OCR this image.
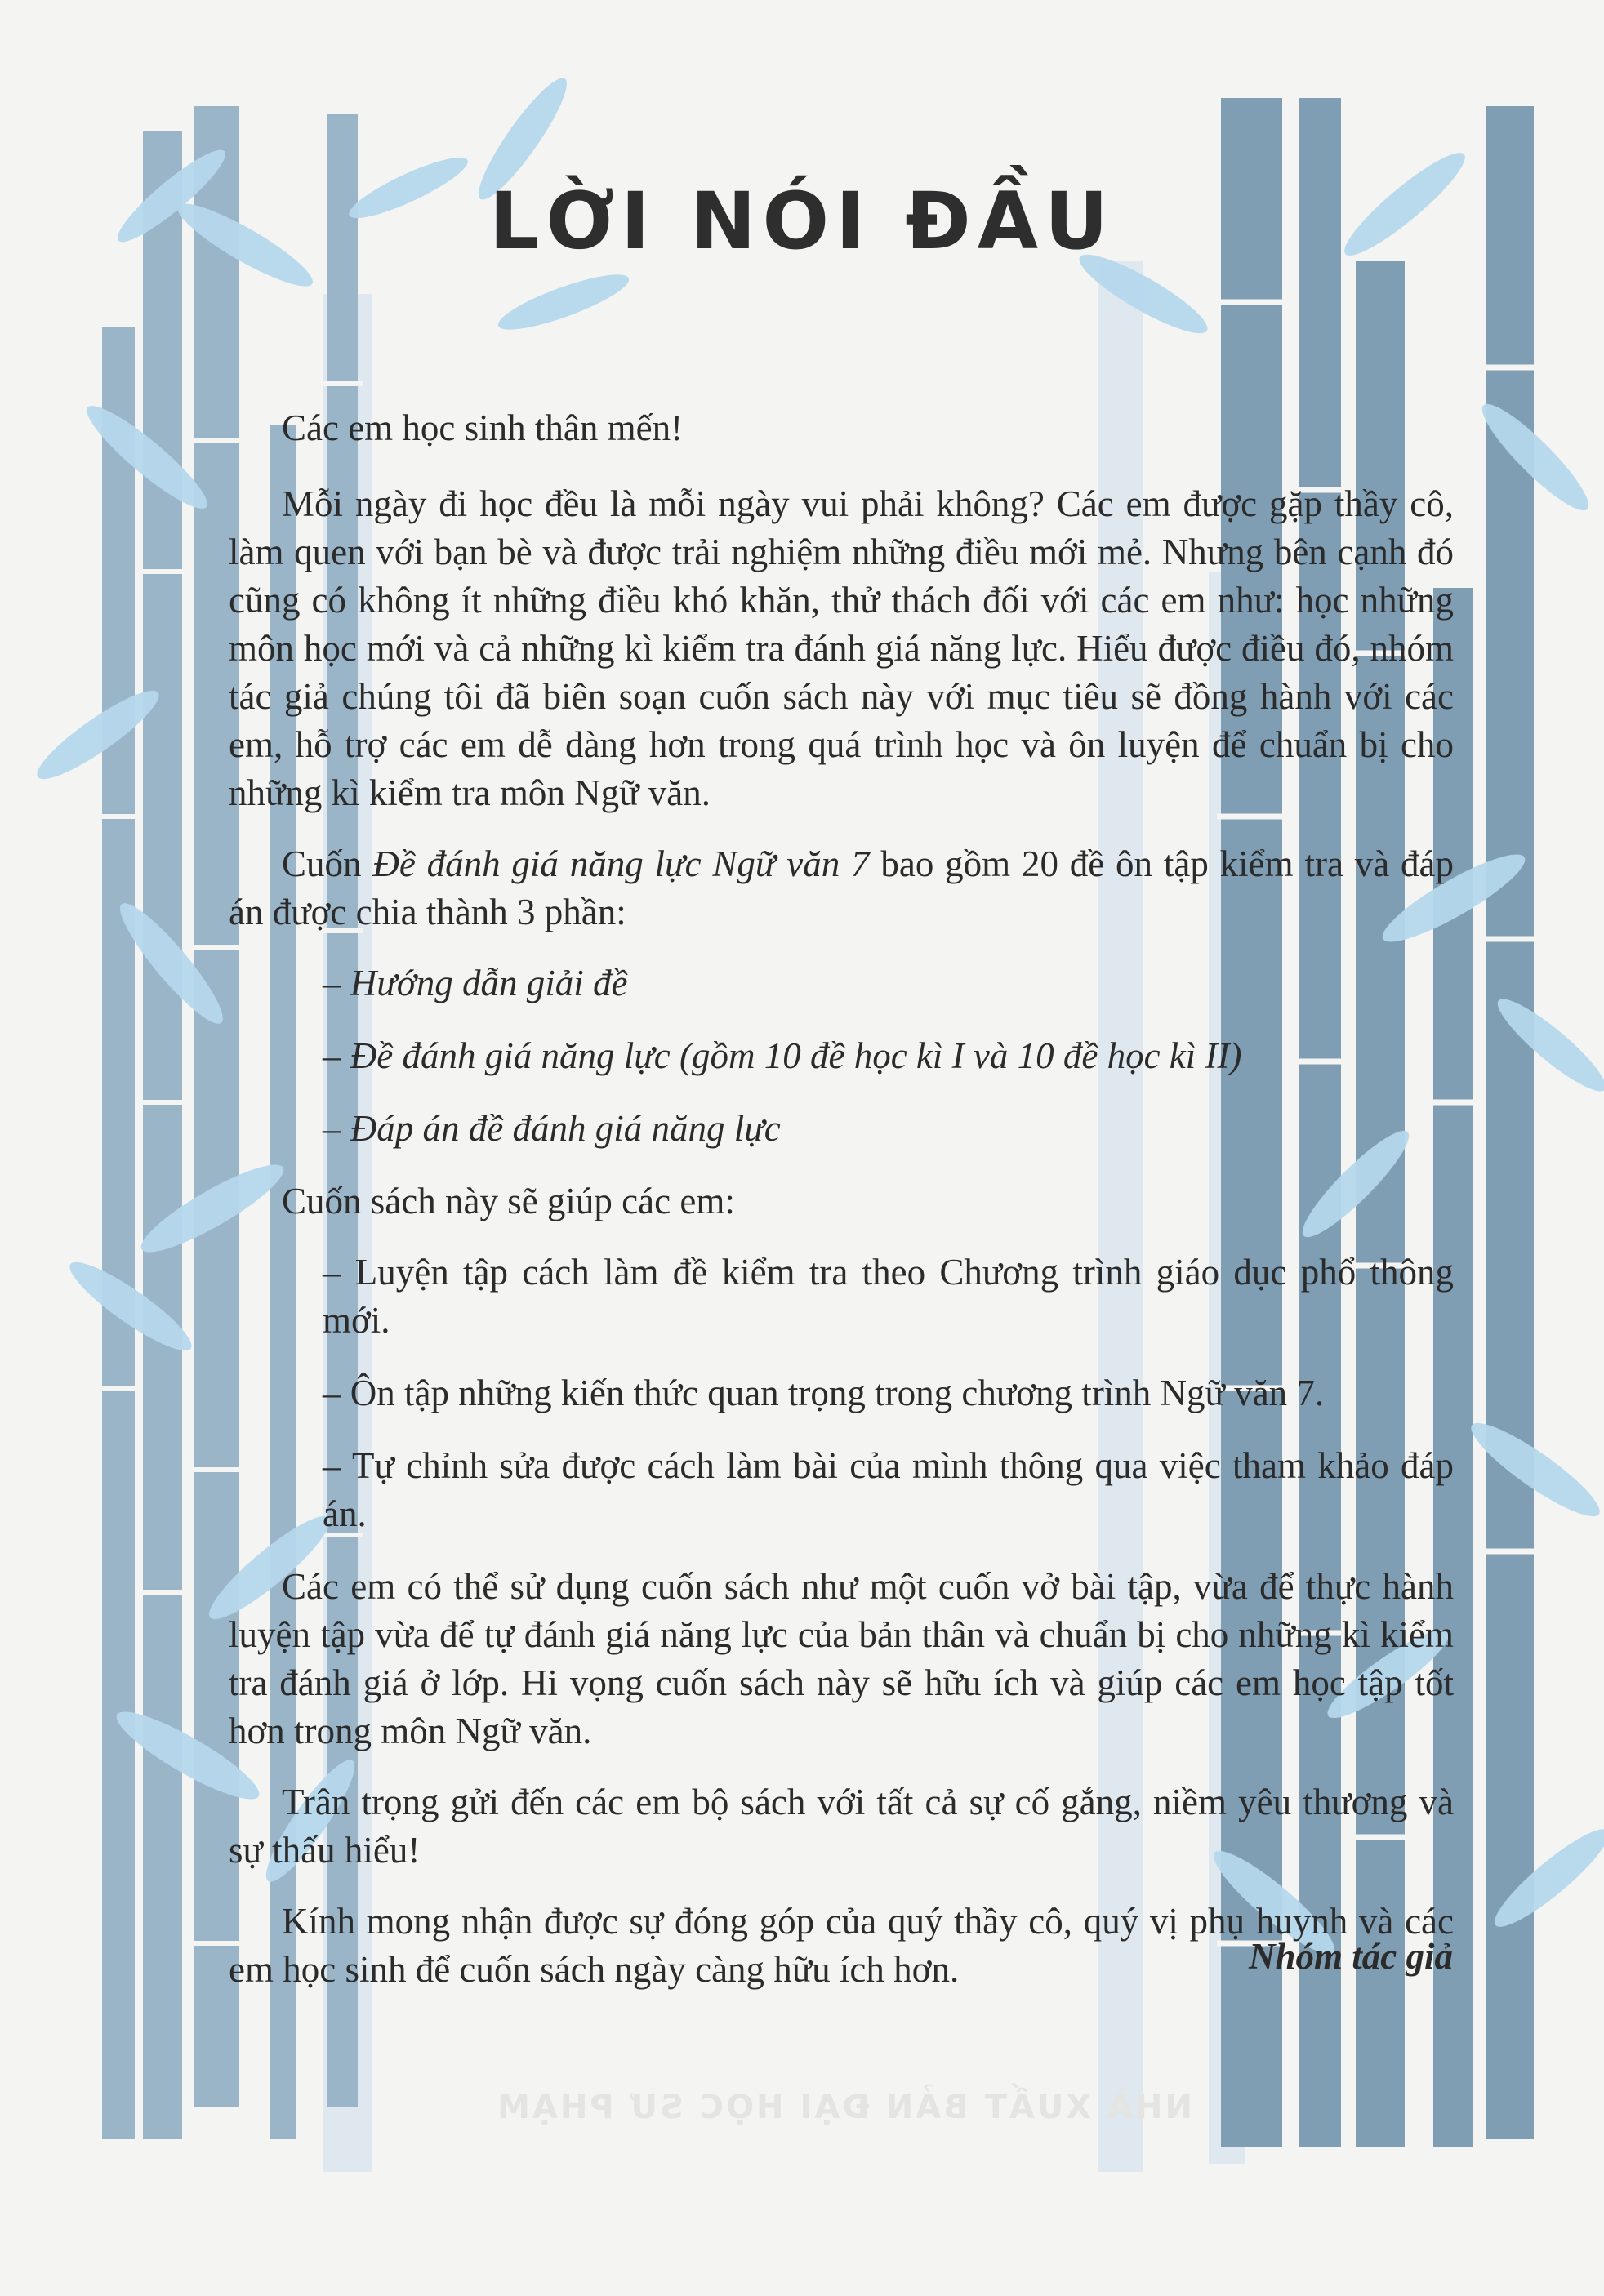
LỜI NÓI ĐẦU

Các em học sinh thân mến!

Mỗi ngày đi học đều là mỗi ngày vui phải không? Các em được gặp thầy cô, làm quen với bạn bè và được trải nghiệm những điều mới mẻ. Nhưng bên cạnh đó cũng có không ít những điều khó khăn, thử thách đối với các em như: học những môn học mới và cả những kì kiểm tra đánh giá năng lực. Hiểu được điều đó, nhóm tác giả chúng tôi đã biên soạn cuốn sách này với mục tiêu sẽ đồng hành với các em, hỗ trợ các em dễ dàng hơn trong quá trình học và ôn luyện để chuẩn bị cho những kì kiểm tra môn Ngữ văn.

Cuốn Đề đánh giá năng lực Ngữ văn 7 bao gồm 20 đề ôn tập kiểm tra và đáp án được chia thành 3 phần:

– Hướng dẫn giải đề

– Đề đánh giá năng lực (gồm 10 đề học kì I và 10 đề học kì II)

– Đáp án đề đánh giá năng lực

Cuốn sách này sẽ giúp các em:

– Luyện tập cách làm đề kiểm tra theo Chương trình giáo dục phổ thông mới.

– Ôn tập những kiến thức quan trọng trong chương trình Ngữ văn 7.

– Tự chỉnh sửa được cách làm bài của mình thông qua việc tham khảo đáp án.

Các em có thể sử dụng cuốn sách như một cuốn vở bài tập, vừa để thực hành luyện tập vừa để tự đánh giá năng lực của bản thân và chuẩn bị cho những kì kiểm tra đánh giá ở lớp. Hi vọng cuốn sách này sẽ hữu ích và giúp các em học tập tốt hơn trong môn Ngữ văn.

Trân trọng gửi đến các em bộ sách với tất cả sự cố gắng, niềm yêu thương và sự thấu hiểu!

Kính mong nhận được sự đóng góp của quý thầy cô, quý vị phụ huynh và các em học sinh để cuốn sách ngày càng hữu ích hơn.	Nhóm tác giả
NHÀ XUẤT BẢN ĐẠI HỌC SƯ PHẠM
